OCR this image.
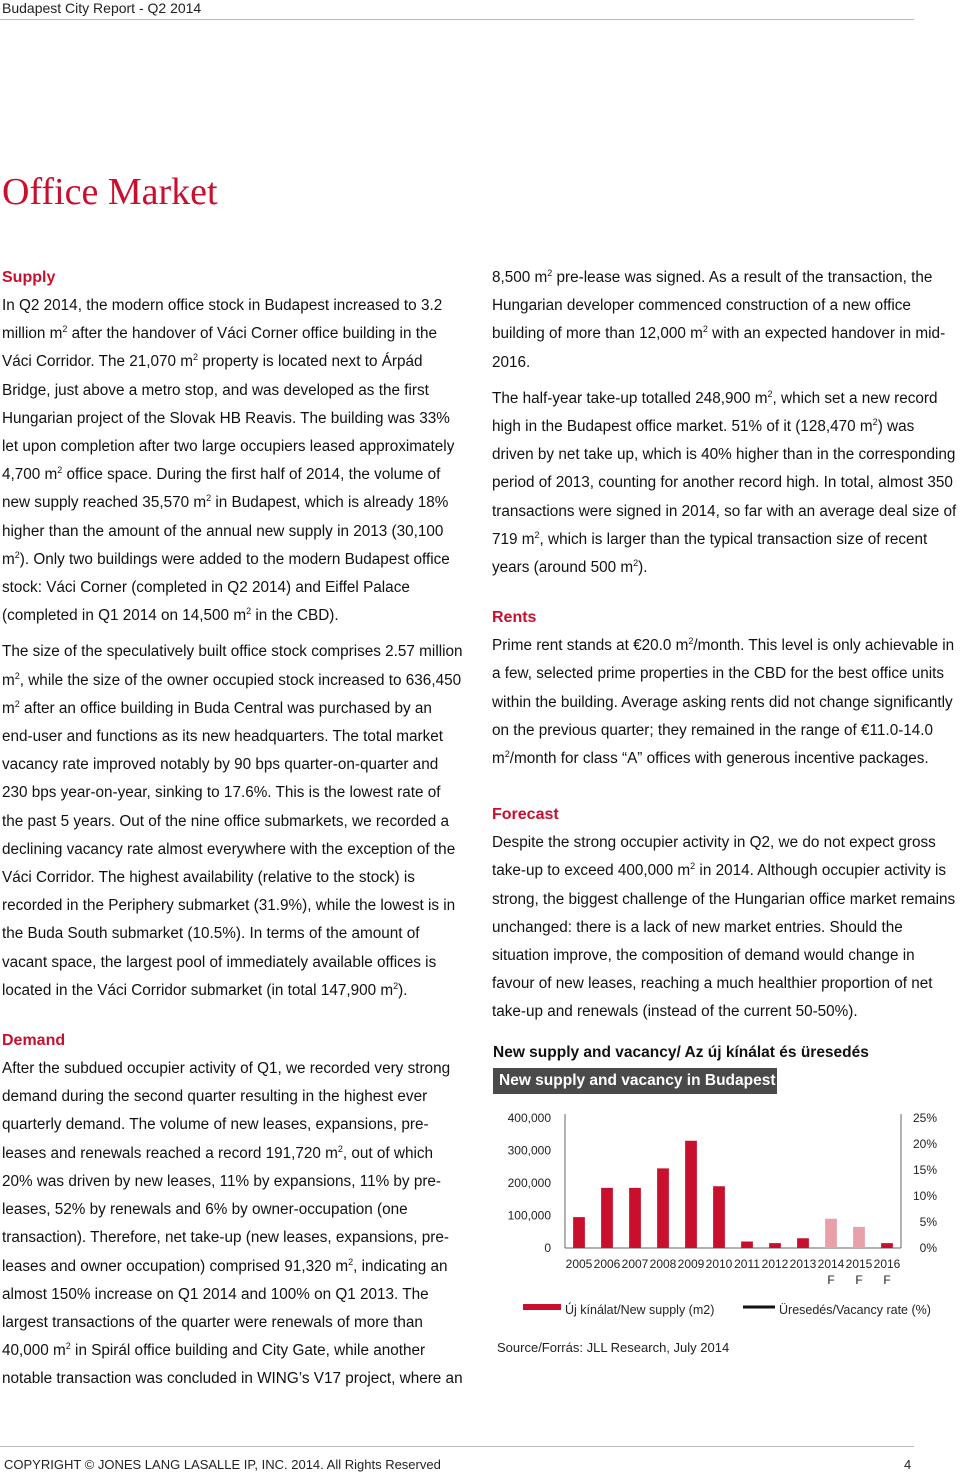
Budapest City Report - Q2 2014
Office Market
Supply

In Q2 2014, the modern office stock in Budapest increased to 3.2 million $m^2$ after the handover of Váci Corner office building in the Váci Corridor. The 21,070 $m^2$ property is located next to Árpád Bridge, just above a metro stop, and was developed as the first Hungarian project of the Slovak HB Reavis. The building was 33% let upon completion after two large occupiers leased approximately 4,700 $m^2$ office space. During the first half of 2014, the volume of new supply reached 35,570 $m^2$ in Budapest, which is already 18% higher than the amount of the annual new supply in 2013 (30,100 $m^2$). Only two buildings were added to the modern Budapest office stock: Váci Corner (completed in Q2 2014) and Eiffel Palace (completed in Q1 2014 on 14,500 $m^2$ in the CBD).

The size of the speculatively built office stock comprises 2.57 million $m^2$, while the size of the owner occupied stock increased to 636,450 $m^2$ after an office building in Buda Central was purchased by an end-user and functions as its new headquarters. The total market vacancy rate improved notably by 90 bps quarter-on-quarter and 230 bps year-on-year, sinking to 17.6%. This is the lowest rate of the past 5 years. Out of the nine office submarkets, we recorded a declining vacancy rate almost everywhere with the exception of the Váci Corridor. The highest availability (relative to the stock) is recorded in the Periphery submarket (31.9%), while the lowest is in the Buda South submarket (10.5%). In terms of the amount of vacant space, the largest pool of immediately available offices is located in the Váci Corridor submarket (in total 147,900 $m^2$).

Demand

After the subdued occupier activity of Q1, we recorded very strong demand during the second quarter resulting in the highest ever quarterly demand. The volume of new leases, expansions, pre-leases and renewals reached a record 191,720 $m^2$, out of which 20% was driven by new leases, 11% by expansions, 11% by pre-leases, 52% by renewals and 6% by owner-occupation (one transaction). Therefore, net take-up (new leases, expansions, pre-leases and owner occupation) comprised 91,320 $m^2$, indicating an almost 150% increase on Q1 2014 and 100% on Q1 2013. The largest transactions of the quarter were renewals of more than 40,000 $m^2$ in Spirál office building and City Gate, while another notable transaction was concluded in WING’s V17 project, where an

8,500 $m^2$ pre-lease was signed. As a result of the transaction, the Hungarian developer commenced construction of a new office building of more than 12,000 $m^2$ with an expected handover in mid-2016.

The half-year take-up totalled 248,900 $m^2$, which set a new record high in the Budapest office market. 51% of it (128,470 $m^2$) was driven by net take up, which is 40% higher than in the corresponding period of 2013, counting for another record high. In total, almost 350 transactions were signed in 2014, so far with an average deal size of 719 $m^2$, which is larger than the typical transaction size of recent years (around 500 $m^2$).

Rents

Prime rent stands at €20.0 $m^2$/month. This level is only achievable in a few, selected prime properties in the CBD for the best office units within the building. Average asking rents did not change significantly on the previous quarter; they remained in the range of €11.0-14.0 $m^2$/month for class “A” offices with generous incentive packages.

Forecast

Despite the strong occupier activity in Q2, we do not expect gross take-up to exceed 400,000 $m^2$ in 2014. Although occupier activity is strong, the biggest challenge of the Hungarian office market remains unchanged: there is a lack of new market entries. Should the situation improve, the composition of demand would change in favour of new leases, reaching a much healthier proportion of net take-up and renewals (instead of the current 50-50%).

New supply and vacancy/ Az új kínálat és üresedés
New supply and vacancy in Budapest
0
100,000
200,000
300,000
400,000
0%
5%
10%
15%
20%
25%
2005 2006 2007 2008 2009 2010 2011 2012 2013 2014 F
2015 F
2016 F
Új kínálat/New supply (m2)	Üresedés/Vacancy rate (%)
Source/Forrás: JLL Research, July 2014
COPYRIGHT © JONES LANG LASALLE IP, INC. 2014. All Rights Reserved	4
